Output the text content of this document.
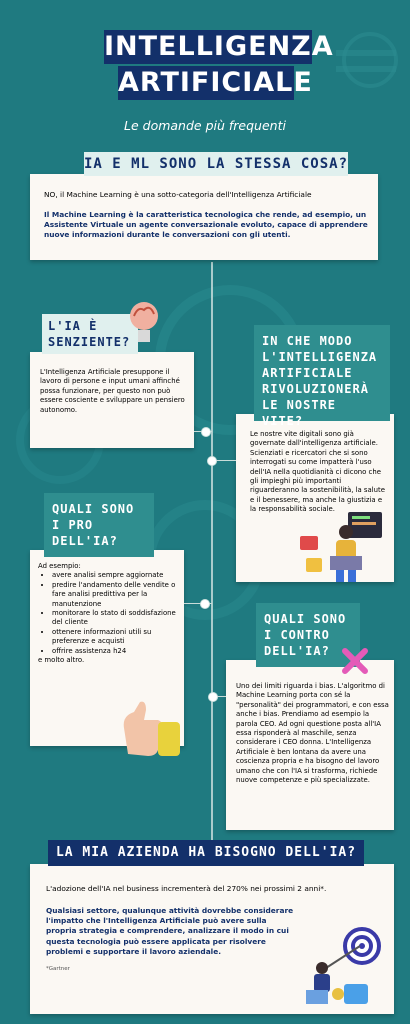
INTELLIGENZA
ARTIFICIALE
Le domande più frequenti
IA E ML SONO LA STESSA COSA?
NO, il Machine Learning è una sotto-categoria dell'Intelligenza Artificiale
Il Machine Learning è la caratteristica tecnologica che rende, ad esempio, un Assistente Virtuale un agente conversazionale evoluto, capace di apprendere nuove informazioni durante le conversazioni con gli utenti.
L'IA È SENZIENTE?
L'Intelligenza Artificiale presuppone il lavoro di persone e input umani affinché possa funzionare, per questo non può essere cosciente e sviluppare un pensiero autonomo.
IN CHE MODO L'INTELLIGENZA ARTIFICIALE RIVOLUZIONERÀ LE NOSTRE VITE?
Le nostre vite digitali sono già governate dall'intelligenza artificiale. Scienziati e ricercatori che si sono interrogati su come impatterà l'uso dell'IA nella quotidianità ci dicono che gli impieghi più importanti riguarderanno la sostenibilità, la salute e il benessere, ma anche la giustizia e la responsabilità sociale.
QUALI SONO I PRO DELL'IA?
Ad esempio:
• avere analisi sempre aggiornate
• predire l'andamento delle vendite o fare analisi predittiva per la manutenzione
• monitorare lo stato di soddisfazione del cliente
• ottenere informazioni utili su preferenze e acquisti
• offrire assistenza h24
e molto altro.
QUALI SONO I CONTRO DELL'IA?
Uno dei limiti riguarda i bias. L'algoritmo di Machine Learning porta con sé la "personalità" dei programmatori, e con essa anche i bias. Prendiamo ad esempio la parola CEO. Ad ogni questione posta all'IA essa risponderà al maschile, senza considerare i CEO donna. L'Intelligenza Artificiale è ben lontana da avere una coscienza propria e ha bisogno del lavoro umano che con l'IA si trasforma, richiede nuove competenze e più specializzate.
LA MIA AZIENDA HA BISOGNO DELL'IA?
L'adozione dell'IA nel business incrementerà del 270% nei prossimi 2 anni*.
Qualsiasi settore, qualunque attività dovrebbe considerare l'impatto che l'Intelligenza Artificiale può avere sulla propria strategia e comprendere, analizzare il modo in cui questa tecnologia può essere applicata per risolvere problemi e supportare il lavoro aziendale.
*Gartner
